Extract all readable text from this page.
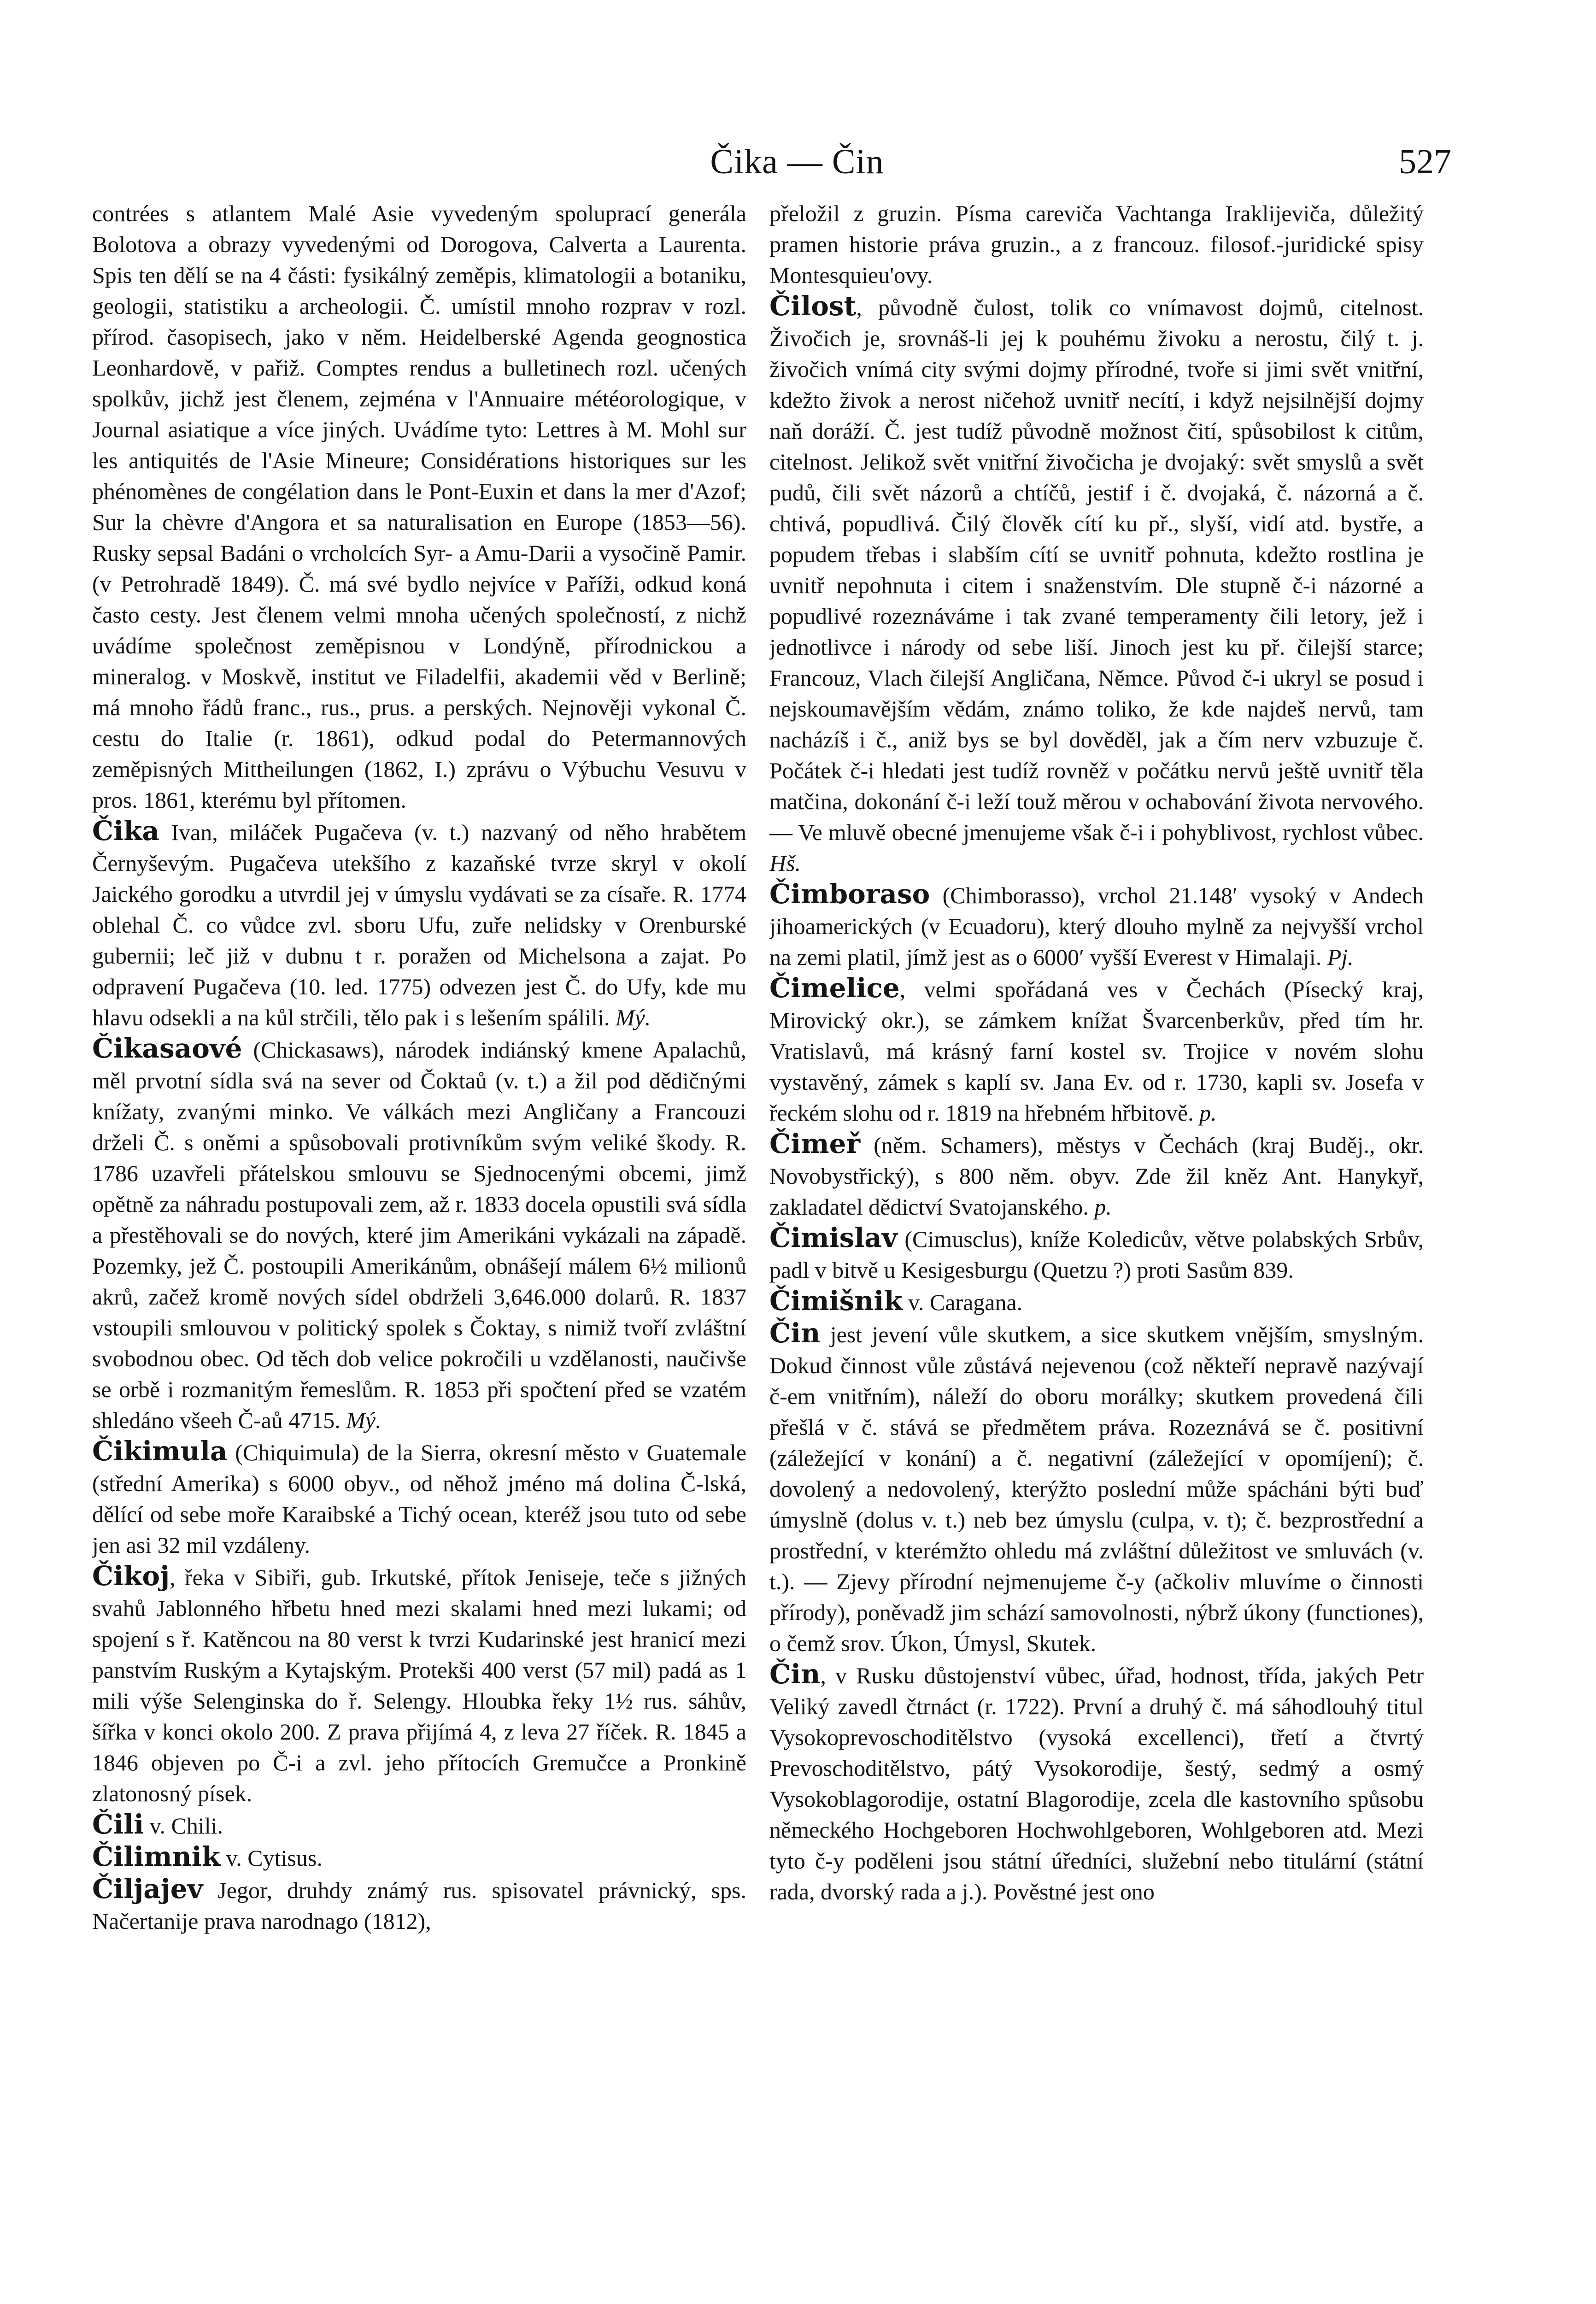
Čika — Čin	527

contrées s atlantem Malé Asie vyvedeným spoluprací generála Bolotova a obrazy vyvedenými od Dorogova, Calverta a Laurenta. Spis ten dělí se na 4 části: fysikálný zeměpis, klimatologii a botaniku, geologii, statistiku a archeologii. Č. umístil mnoho rozprav v rozl. přírod. časopisech, jako v něm. Heidelberské Agenda geognostica Leonhardově, v pařiž. Comptes rendus a bulletinech rozl. učených spolkův, jichž jest členem, zejména v l'Annuaire météorologique, v Journal asiatique a více jiných. Uvádíme tyto: Lettres à M. Mohl sur les antiquités de l'Asie Mineure; Considérations historiques sur les phénomènes de congélation dans le Pont-Euxin et dans la mer d'Azof; Sur la chèvre d'Angora et sa naturalisation en Europe (1853—56). Rusky sepsal Badáni o vrcholcích Syr- a Amu-Darii a vysočině Pamir. (v Petrohradě 1849). Č. má své bydlo nejvíce v Paříži, odkud koná často cesty. Jest členem velmi mnoha učených společností, z nichž uvádíme společnost zeměpisnou v Londýně, přírodnickou a mineralog. v Moskvě, institut ve Filadelfii, akademii věd v Berlině; má mnoho řádů franc., rus., prus. a perských. Nejnověji vykonal Č. cestu do Italie (r. 1861), odkud podal do Petermannových zeměpisných Mittheilungen (1862, I.) zprávu o Výbuchu Vesuvu v pros. 1861, kterému byl přítomen.

Čika Ivan, miláček Pugačeva (v. t.) nazvaný od něho hrabětem Černyševým. Pugačeva utekšího z kazaňské tvrze skryl v okolí Jaického gorodku a utvrdil jej v úmyslu vydávati se za císaře. R. 1774 oblehal Č. co vůdce zvl. sboru Ufu, zuře nelidsky v Orenburské gubernii; leč již v dubnu t r. poražen od Michelsona a zajat. Po odpravení Pugačeva (10. led. 1775) odvezen jest Č. do Ufy, kde mu hlavu odsekli a na kůl strčili, tělo pak i s lešením spálili. Mý.

Čikasaové (Chickasaws), národek indiánský kmene Apalachů, měl prvotní sídla svá na sever od Čoktaů (v. t.) a žil pod dědičnými knížaty, zvanými minko. Ve válkách mezi Angličany a Francouzi drželi Č. s oněmi a spůsobovali protivníkům svým veliké škody. R. 1786 uzavřeli přátelskou smlouvu se Sjednocenými obcemi, jimž opětně za náhradu postupovali zem, až r. 1833 docela opustili svá sídla a přestěhovali se do nových, které jim Amerikáni vykázali na západě. Pozemky, jež Č. postoupili Amerikánům, obnášejí málem 6½ milionů akrů, začež kromě nových sídel obdrželi 3,646.000 dolarů. R. 1837 vstoupili smlouvou v politický spolek s Čoktay, s nimiž tvoří zvláštní svobodnou obec. Od těch dob velice pokročili u vzdělanosti, naučivše se orbě i rozmanitým řemeslům. R. 1853 při spočtení před se vzatém shledáno všeeh Č-aů 4715. Mý.

Čikimula (Chiquimula) de la Sierra, okresní město v Guatemale (střední Amerika) s 6000 obyv., od něhož jméno má dolina Č-lská, dělící od sebe moře Karaibské a Tichý ocean, kteréž jsou tuto od sebe jen asi 32 mil vzdáleny.

Čikoj, řeka v Sibiři, gub. Irkutské, přítok Jeniseje, teče s jižných svahů Jablonného hřbetu hned mezi skalami hned mezi lukami; od spojení s ř. Katěncou na 80 verst k tvrzi Kudarinské jest hranicí mezi panstvím Ruským a Kytajským. Protekši 400 verst (57 mil) padá as 1 mili výše Selenginska do ř. Selengy. Hloubka řeky 1½ rus. sáhův, šířka v konci okolo 200. Z prava přijímá 4, z leva 27 říček. R. 1845 a 1846 objeven po Č-i a zvl. jeho přítocích Gremučce a Pronkině zlatonosný písek.

Čili v. Chili.

Čilimnik v. Cytisus.

Čiljajev Jegor, druhdy známý rus. spisovatel právnický, sps. Načertanije prava narodnago (1812),

přeložil z gruzin. Písma careviča Vachtanga Iraklijeviča, důležitý pramen historie práva gruzin., a z francouz. filosof.-juridické spisy Montesquieu'ovy.

Čilost, původně čulost, tolik co vnímavost dojmů, citelnost. Živočich je, srovnáš-li jej k pouhému živoku a nerostu, čilý t. j. živočich vnímá city svými dojmy přírodné, tvoře si jimi svět vnitřní, kdežto živok a nerost ničehož uvnitř necítí, i když nejsilnější dojmy naň doráží. Č. jest tudíž původně možnost čití, spůsobilost k citům, citelnost. Jelikož svět vnitřní živočicha je dvojaký: svět smyslů a svět pudů, čili svět názorů a chtíčů, jestif i č. dvojaká, č. názorná a č. chtivá, popudlivá. Čilý člověk cítí ku př., slyší, vidí atd. bystře, a popudem třebas i slabším cítí se uvnitř pohnuta, kdežto rostlina je uvnitř nepohnuta i citem i snaženstvím. Dle stupně č-i názorné a popudlivé rozeznáváme i tak zvané temperamenty čili letory, jež i jednotlivce i národy od sebe liší. Jinoch jest ku př. čilejší starce; Francouz, Vlach čilejší Angličana, Němce. Původ č-i ukryl se posud i nejskoumavějším vědám, známo toliko, že kde najdeš nervů, tam nacházíš i č., aniž bys se byl dověděl, jak a čím nerv vzbuzuje č. Počátek č-i hledati jest tudíž rovněž v počátku nervů ještě uvnitř těla matčina, dokonání č-i leží touž měrou v ochabování života nervového. — Ve mluvě obecné jmenujeme však č-i i pohyblivost, rychlost vůbec. Hš.

Čimboraso (Chimborasso), vrchol 21.148′ vysoký v Andech jihoamerických (v Ecuadoru), který dlouho mylně za nejvyšší vrchol na zemi platil, jímž jest as o 6000′ vyšší Everest v Himalaji. Pj.

Čimelice, velmi spořádaná ves v Čechách (Písecký kraj, Mirovický okr.), se zámkem knížat Švarcenberkův, před tím hr. Vratislavů, má krásný farní kostel sv. Trojice v novém slohu vystavěný, zámek s kaplí sv. Jana Ev. od r. 1730, kapli sv. Josefa v řeckém slohu od r. 1819 na hřebném hřbitově. p.

Čimeř (něm. Schamers), městys v Čechách (kraj Buděj., okr. Novobystřický), s 800 něm. obyv. Zde žil kněz Ant. Hanykyř, zakladatel dědictví Svatojanského. p.

Čimislav (Cimusclus), kníže Koledicův, větve polabských Srbův, padl v bitvě u Kesigesburgu (Quetzu ?) proti Sasům 839.

Čimišnik v. Caragana.

Čin jest jevení vůle skutkem, a sice skutkem vnějším, smyslným. Dokud činnost vůle zůstává nejevenou (což někteří nepravě nazývají č-em vnitřním), náleží do oboru morálky; skutkem provedená čili přešlá v č. stává se předmětem práva. Rozeznává se č. positivní (záležející v konání) a č. negativní (záležející v opomíjení); č. dovolený a nedovolený, kterýžto poslední může spácháni býti buď úmyslně (dolus v. t.) neb bez úmyslu (culpa, v. t); č. bezprostřední a prostřední, v kterémžto ohledu má zvláštní důležitost ve smluvách (v. t.). — Zjevy přírodní nejmenujeme č-y (ačkoliv mluvíme o činnosti přírody), poněvadž jim schází samovolnosti, nýbrž úkony (functiones), o čemž srov. Úkon, Úmysl, Skutek.

Čin, v Rusku důstojenství vůbec, úřad, hodnost, třída, jakých Petr Veliký zavedl čtrnáct (r. 1722). První a druhý č. má sáhodlouhý titul Vysokoprevoschoditělstvo (vysoká excellenci), třetí a čtvrtý Prevoschoditělstvo, pátý Vysokorodije, šestý, sedmý a osmý Vysokoblagorodije, ostatní Blagorodije, zcela dle kastovního spůsobu německého Hochgeboren Hochwohlgeboren, Wohlgeboren atd. Mezi tyto č-y poděleni jsou státní úředníci, služební nebo titulární (státní rada, dvorský rada a j.). Pověstné jest ono
